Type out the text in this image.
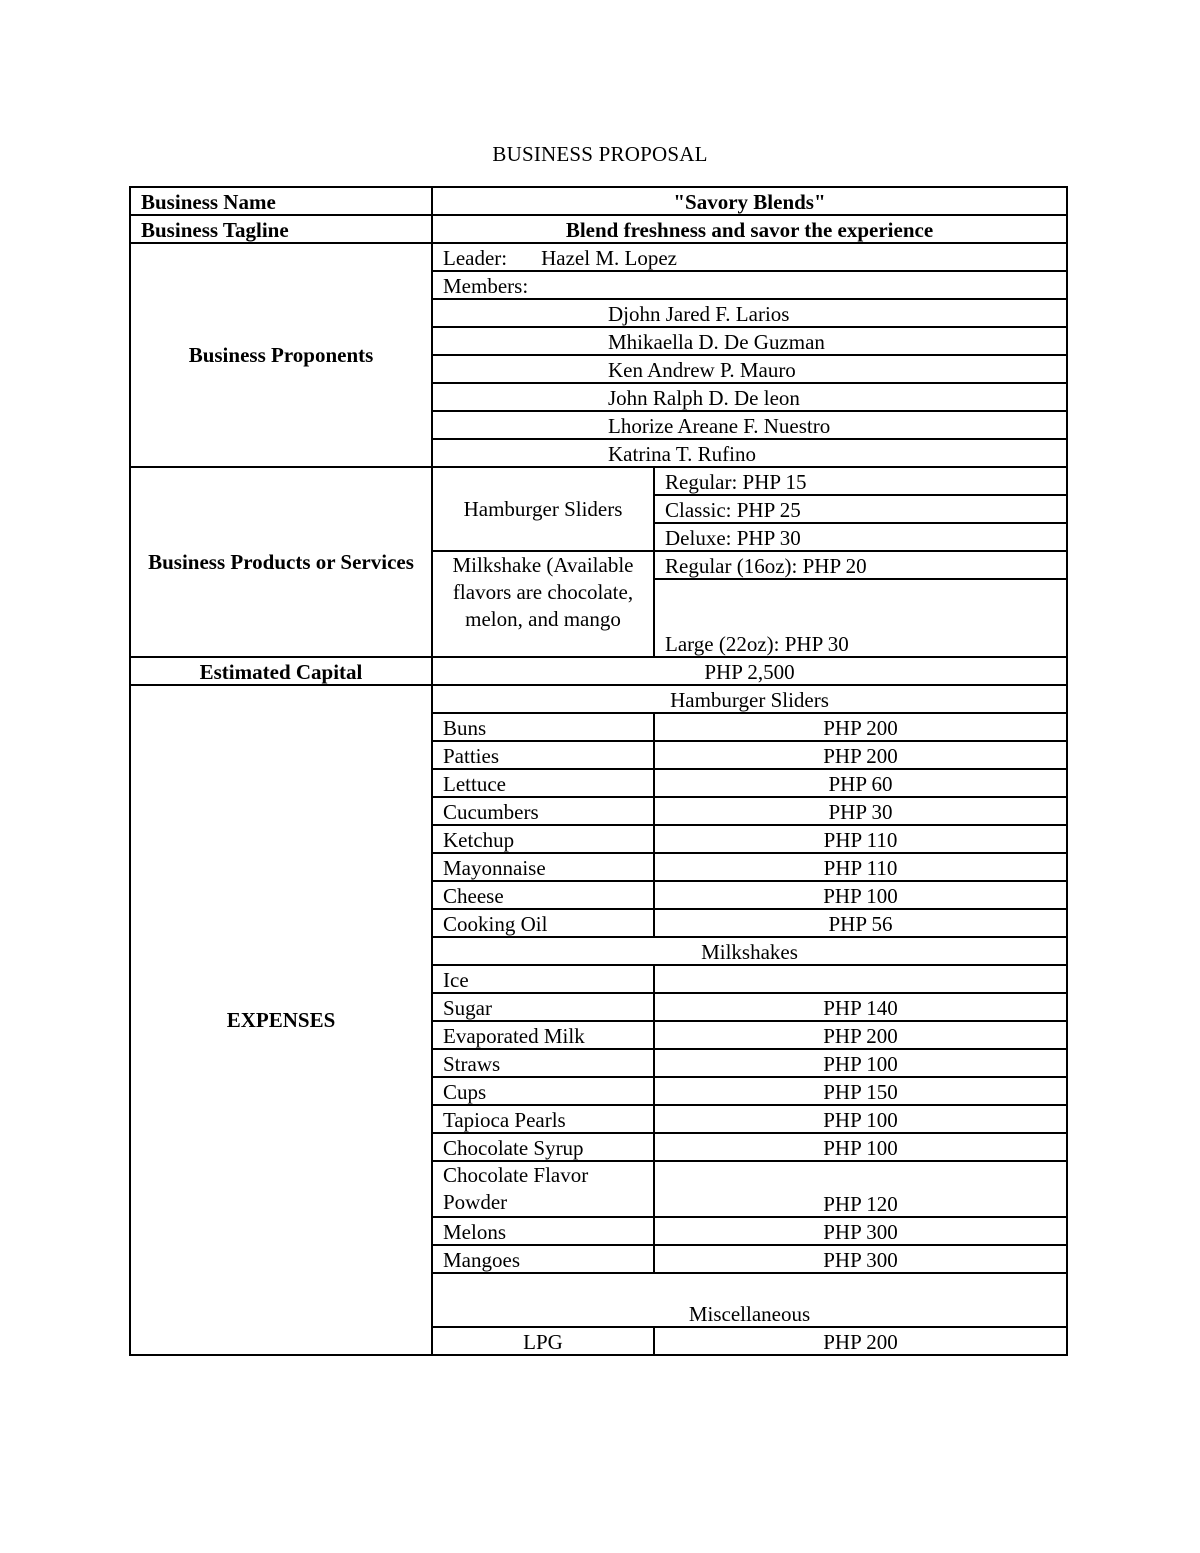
BUSINESS PROPOSAL
Business Name	"Savory Blends"	
Business Tagline	Blend freshness and savor the experience	
Business Proponents	Leader: Hazel M. Lopez	
	Members:	
	Djohn Jared F. Larios	
	Mhikaella D. De Guzman	
	Ken Andrew P. Mauro	
	John Ralph D. De leon	
	Lhorize Areane F. Nuestro	
	Katrina T. Rufino	
Business Products or Services	Hamburger Sliders	Regular: PHP 15
		Classic: PHP 25
		Deluxe: PHP 30
	Milkshake (Available flavors are chocolate, melon, and mango	Regular (16oz): PHP 20
		Large (22oz): PHP 30
Estimated Capital	PHP 2,500	
EXPENSES	Hamburger Sliders	
	Buns	PHP 200
	Patties	PHP 200
	Lettuce	PHP 60
	Cucumbers	PHP 30
	Ketchup	PHP 110
	Mayonnaise	PHP 110
	Cheese	PHP 100
	Cooking Oil	PHP 56
	Milkshakes	
	Ice	
	Sugar	PHP 140
	Evaporated Milk	PHP 200
	Straws	PHP 100
	Cups	PHP 150
	Tapioca Pearls	PHP 100
	Chocolate Syrup	PHP 100
	Chocolate Flavor Powder	PHP 120
	Melons	PHP 300
	Mangoes	PHP 300
	Miscellaneous	
	LPG	PHP 200
